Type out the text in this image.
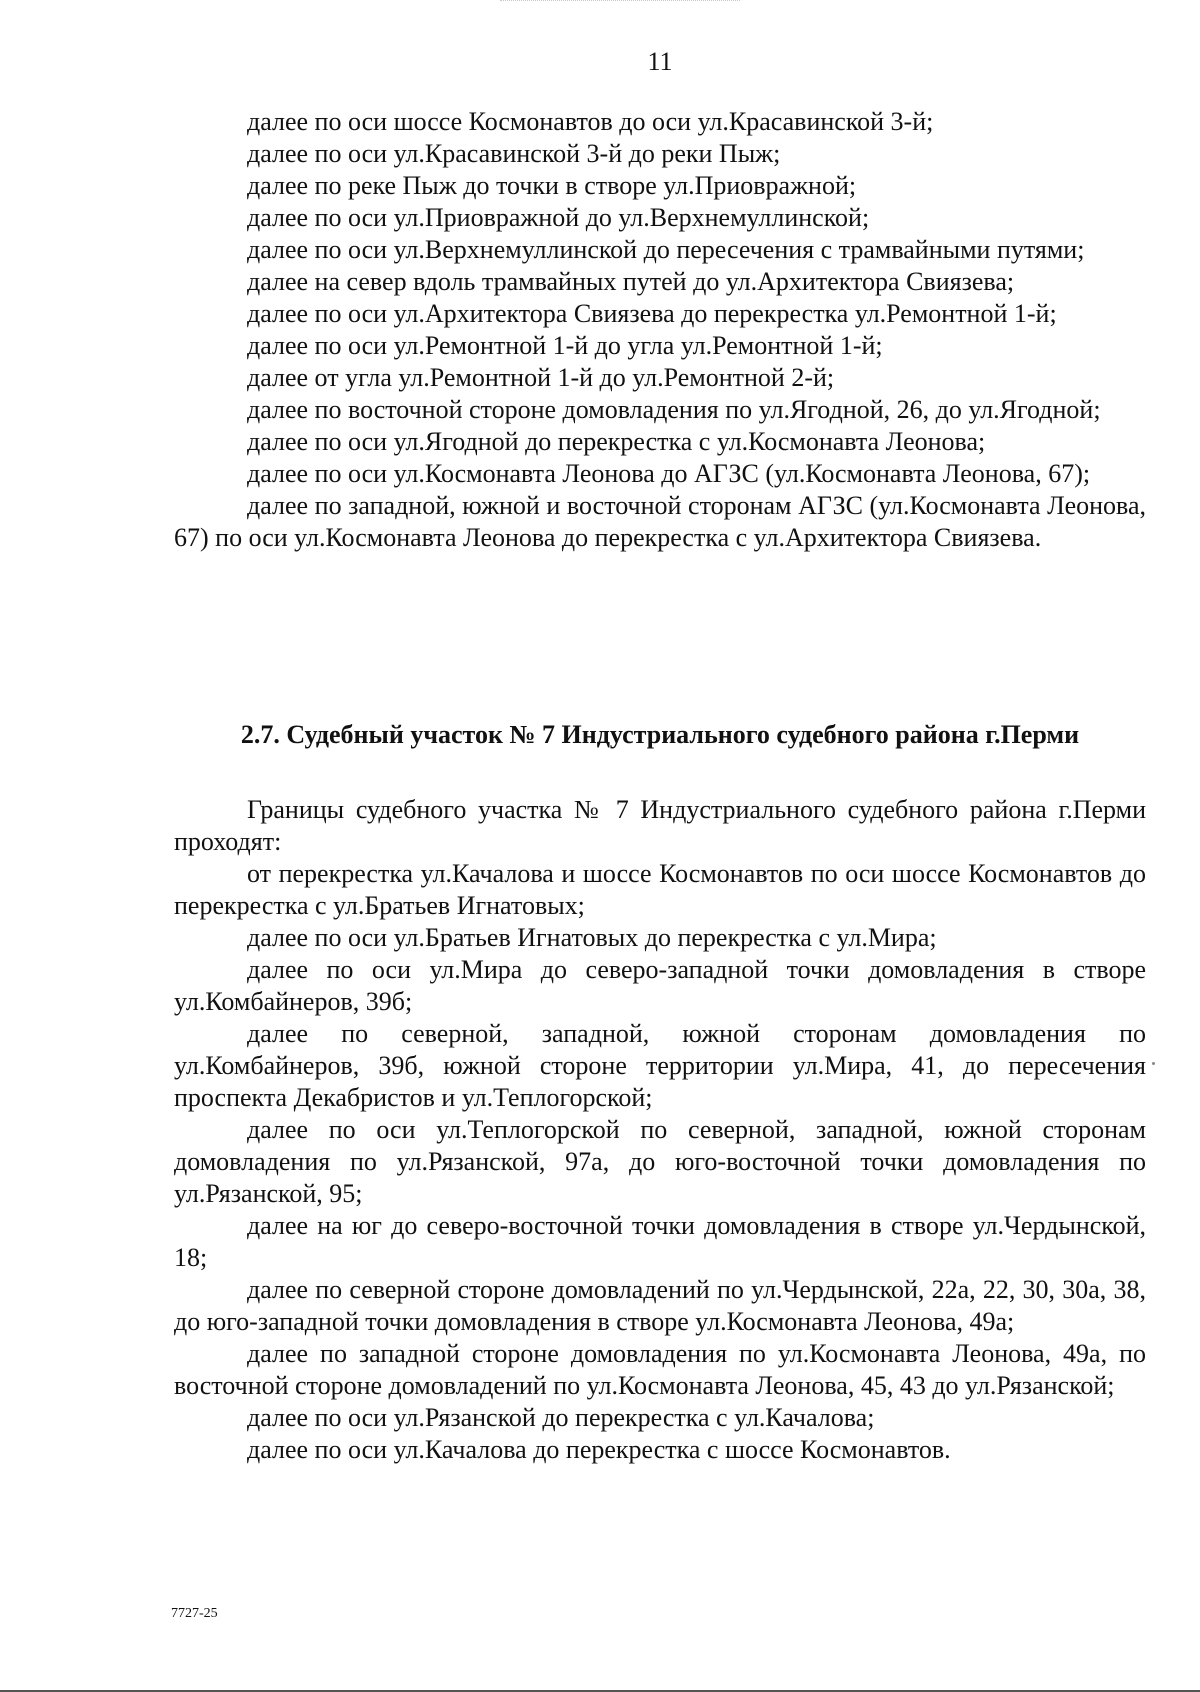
11

далее по оси шоссе Космонавтов до оси ул.Красавинской 3-й;

далее по оси ул.Красавинской 3-й до реки Пыж;

далее по реке Пыж до точки в створе ул.Приовражной;

далее по оси ул.Приовражной до ул.Верхнемуллинской;

далее по оси ул.Верхнемуллинской до пересечения с трамвайными путями;

далее на север вдоль трамвайных путей до ул.Архитектора Свиязева;

далее по оси ул.Архитектора Свиязева до перекрестка ул.Ремонтной 1-й;

далее по оси ул.Ремонтной 1-й до угла ул.Ремонтной 1-й;

далее от угла ул.Ремонтной 1-й до ул.Ремонтной 2-й;

далее по восточной стороне домовладения по ул.Ягодной, 26, до ул.Ягодной;

далее по оси ул.Ягодной до перекрестка с ул.Космонавта Леонова;

далее по оси ул.Космонавта Леонова до АГЗС (ул.Космонавта Леонова, 67);

далее по западной, южной и восточной сторонам АГЗС (ул.Космонавта Леонова, 67) по оси ул.Космонавта Леонова до перекрестка с ул.Архитектора Свиязева.

2.7. Судебный участок № 7 Индустриального судебного района г.Перми

Границы судебного участка № 7 Индустриального судебного района г.Перми проходят:

от перекрестка ул.Качалова и шоссе Космонавтов по оси шоссе Космонавтов до перекрестка с ул.Братьев Игнатовых;

далее по оси ул.Братьев Игнатовых до перекрестка с ул.Мира;

далее по оси ул.Мира до северо-западной точки домовладения в створе ул.Комбайнеров, 39б;

далее по северной, западной, южной сторонам домовладения по ул.Комбайнеров, 39б, южной стороне территории ул.Мира, 41, до пересечения проспекта Декабристов и ул.Теплогорской;

далее по оси ул.Теплогорской по северной, западной, южной сторонам домовладения по ул.Рязанской, 97а, до юго-восточной точки домовладения по ул.Рязанской, 95;

далее на юг до северо-восточной точки домовладения в створе ул.Чердынской, 18;

далее по северной стороне домовладений по ул.Чердынской, 22а, 22, 30, 30а, 38, до юго-западной точки домовладения в створе ул.Космонавта Леонова, 49а;

далее по западной стороне домовладения по ул.Космонавта Леонова, 49а, по восточной стороне домовладений по ул.Космонавта Леонова, 45, 43 до ул.Рязанской;

далее по оси ул.Рязанской до перекрестка с ул.Качалова;

далее по оси ул.Качалова до перекрестка с шоссе Космонавтов.

7727-25
